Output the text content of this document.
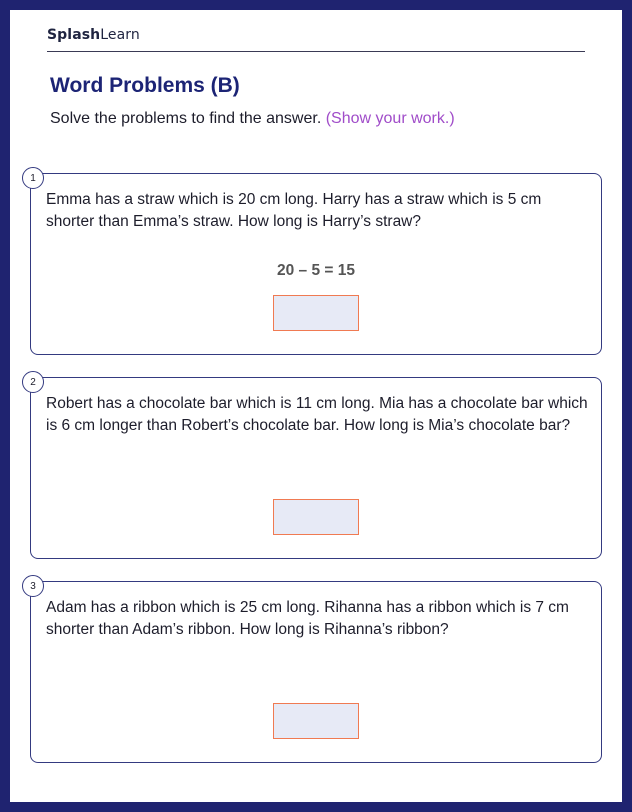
SplashLearn
Word Problems (B)
Solve the problems to find the answer. (Show your work.)
1
Emma has a straw which is 20 cm long. Harry has a straw which is 5 cm shorter than Emma’s straw. How long is Harry’s straw?
20 – 5 = 15
2
Robert has a chocolate bar which is 11 cm long. Mia has a chocolate bar which is 6 cm longer than Robert’s chocolate bar. How long is Mia’s chocolate bar?
3
Adam has a ribbon which is 25 cm long. Rihanna has a ribbon which is 7 cm shorter than Adam’s ribbon. How long is Rihanna’s ribbon?
